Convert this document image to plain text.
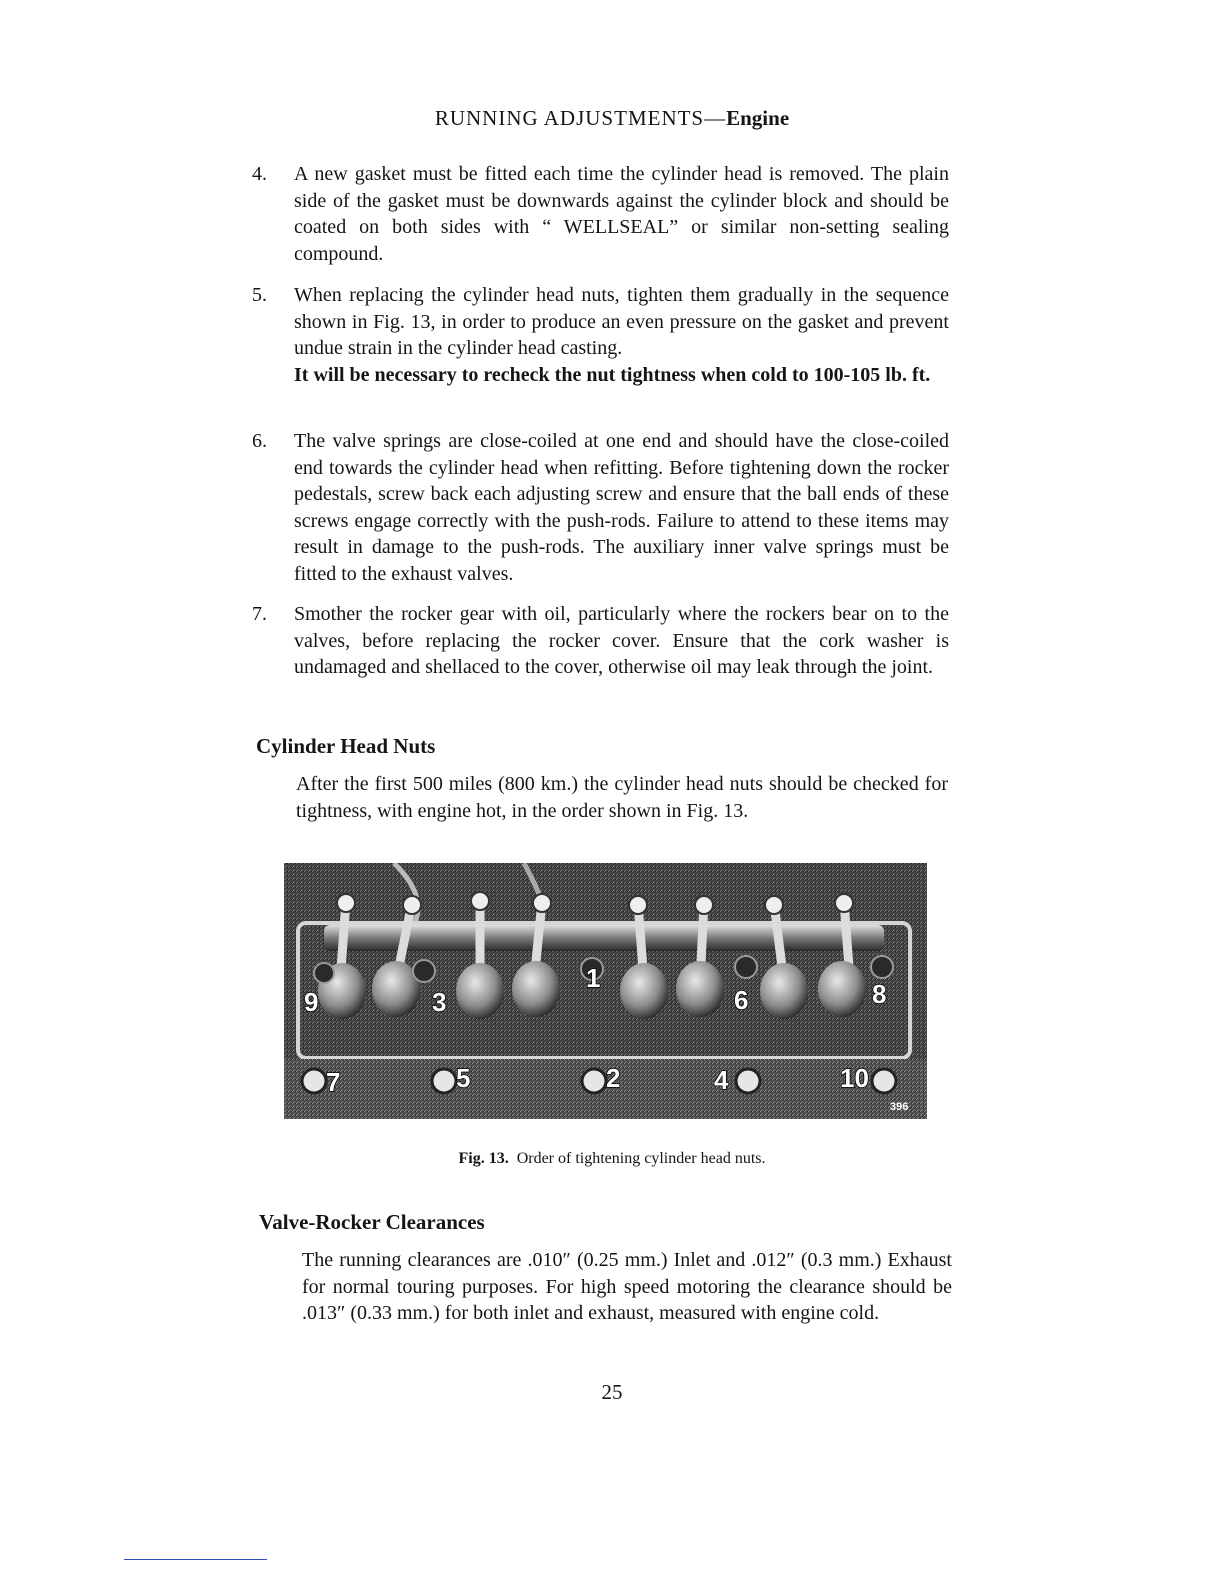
RUNNING ADJUSTMENTS—Engine
4. A new gasket must be fitted each time the cylinder head is removed. The plain side of the gasket must be downwards against the cylinder block and should be coated on both sides with “ WELLSEAL” or similar non-setting sealing compound.
5. When replacing the cylinder head nuts, tighten them gradually in the sequence shown in Fig. 13, in order to produce an even pressure on the gasket and prevent undue strain in the cylinder head casting.
It will be necessary to recheck the nut tightness when cold to 100-105 lb. ft.
6. The valve springs are close-coiled at one end and should have the close-coiled end towards the cylinder head when refitting. Before tightening down the rocker pedestals, screw back each adjusting screw and ensure that the ball ends of these screws engage correctly with the push-rods. Failure to attend to these items may result in damage to the push-rods. The auxiliary inner valve springs must be fitted to the exhaust valves.
7. Smother the rocker gear with oil, particularly where the rockers bear on to the valves, before replacing the rocker cover. Ensure that the cork washer is undamaged and shellaced to the cover, otherwise oil may leak through the joint.
Cylinder Head Nuts
After the first 500 miles (800 km.) the cylinder head nuts should be checked for tightness, with engine hot, in the order shown in Fig. 13.
9	3
1
6	8
7	5	2	4	10
396
Fig. 13. Order of tightening cylinder head nuts.
Valve-Rocker Clearances
The running clearances are .010″ (0.25 mm.) Inlet and .012″ (0.3 mm.) Exhaust for normal touring purposes. For high speed motoring the clearance should be .013″ (0.33 mm.) for both inlet and exhaust, measured with engine cold.
25
